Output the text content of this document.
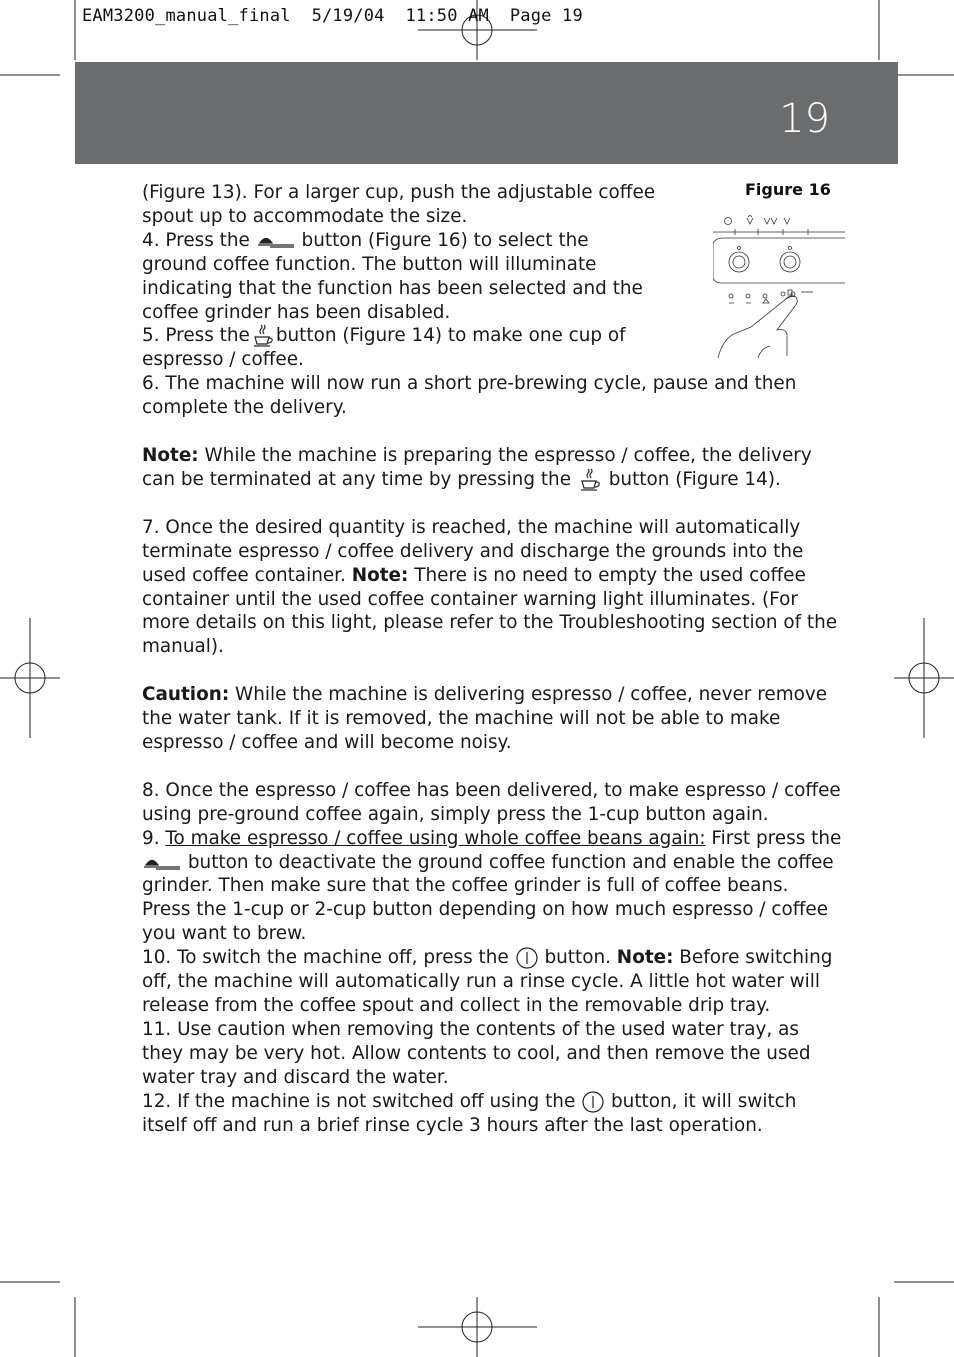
EAM3200_manual_final  5/19/04  11:50 AM  Page 19
19
Figure 16

(Figure 13). For a larger cup, push the adjustable coffee spout up to accommodate the size.

4. Press the	button (Figure 16) to select the ground coffee function. The button will illuminate indicating that the function has been selected and the coffee grinder has been disabled.

5. Press the button (Figure 14) to make one cup of espresso / coffee.

6. The machine will now run a short pre-brewing cycle, pause and then complete the delivery.

Note: While the machine is preparing the espresso / coffee, the delivery can be terminated at any time by pressing the button (Figure 14).

7. Once the desired quantity is reached, the machine will automatically terminate espresso / coffee delivery and discharge the grounds into the used coffee container. Note: There is no need to empty the used coffee container until the used coffee container warning light illuminates. (For more details on this light, please refer to the Troubleshooting section of the manual).

Caution: While the machine is delivering espresso / coffee, never remove the water tank. If it is removed, the machine will not be able to make espresso / coffee and will become noisy.

8. Once the espresso / coffee has been delivered, to make espresso / coffee using pre-ground coffee again, simply press the 1-cup button again.

9. To make espresso / coffee using whole coffee beans again: First press the  button to deactivate the ground coffee function and enable the coffee grinder. Then make sure that the coffee grinder is full of coffee beans. Press the 1-cup or 2-cup button depending on how much espresso / coffee you want to brew.

10. To switch the machine off, press the button. Note: Before switching off, the machine will automatically run a rinse cycle. A little hot water will release from the coffee spout and collect in the removable drip tray.

11. Use caution when removing the contents of the used water tray, as they may be very hot. Allow contents to cool, and then remove the used water tray and discard the water.

12. If the machine is not switched off using the button, it will switch itself off and run a brief rinse cycle 3 hours after the last operation.
